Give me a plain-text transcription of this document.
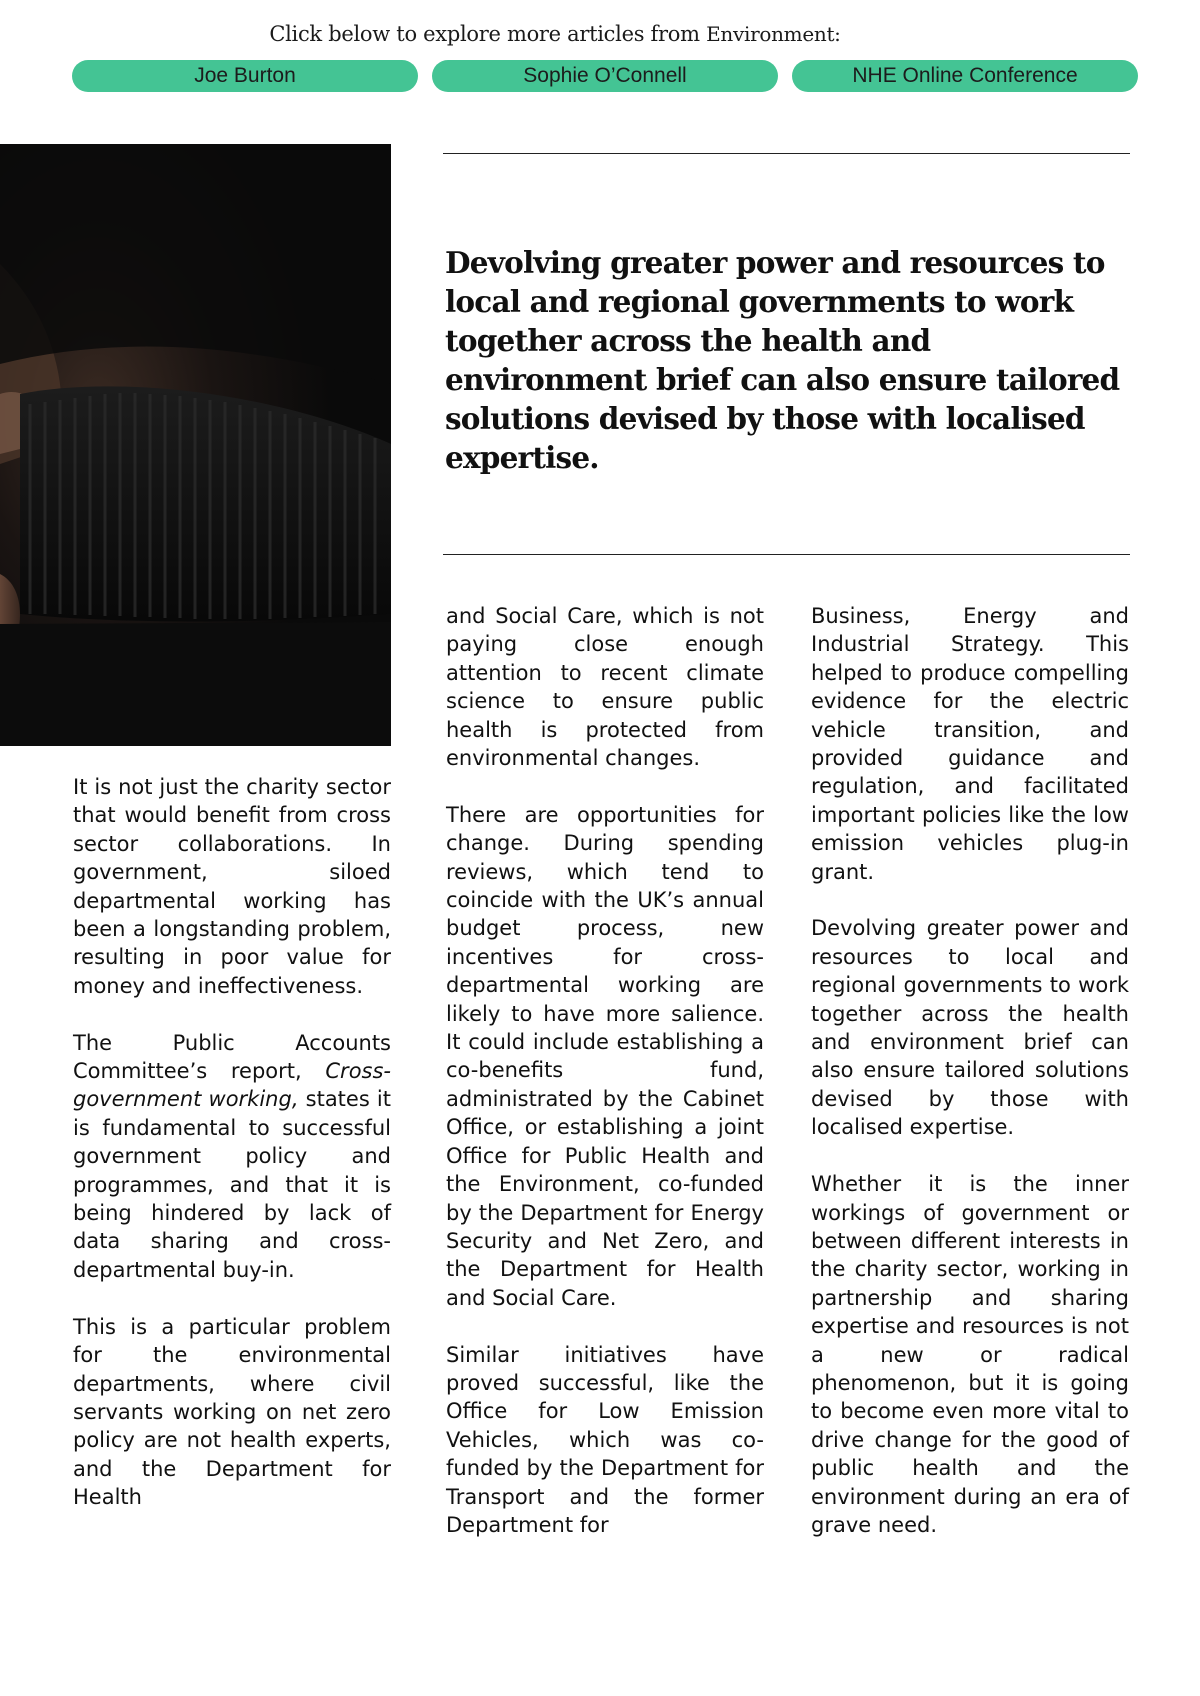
Click below to explore more articles from Environment:
Joe Burton	Sophie O’Connell	NHE Online Conference

Devolving greater power and resources to local and regional governments to work together across the health and environment brief can also ensure tailored solutions devised by those with localised expertise.

It is not just the charity sector that would benefit from cross sector collaborations. In government, siloed departmental working has been a longstanding problem, resulting in poor value for money and ineffectiveness.

The Public Accounts Committee’s report, Cross-government working, states it is fundamental to successful government policy and programmes, and that it is being hindered by lack of data sharing and cross-departmental buy-in.

This is a particular problem for the environmental departments, where civil servants working on net zero policy are not health experts, and the Department for Health

and Social Care, which is not paying close enough attention to recent climate science to ensure public health is protected from environmental changes.

There are opportunities for change. During spending reviews, which tend to coincide with the UK’s annual budget process, new incentives for cross-departmental working are likely to have more salience. It could include establishing a co-benefits fund, administrated by the Cabinet Office, or establishing a joint Office for Public Health and the Environment, co-funded by the Department for Energy Security and Net Zero, and the Department for Health and Social Care.

Similar initiatives have proved successful, like the Office for Low Emission Vehicles, which was co-funded by the Department for Transport and the former Department for

Business, Energy and Industrial Strategy. This helped to produce compelling evidence for the electric vehicle transition, and provided guidance and regulation, and facilitated important policies like the low emission vehicles plug-in grant.

Devolving greater power and resources to local and regional governments to work together across the health and environment brief can also ensure tailored solutions devised by those with localised expertise.

Whether it is the inner workings of government or between different interests in the charity sector, working in partnership and sharing expertise and resources is not a new or radical phenomenon, but it is going to become even more vital to drive change for the good of public health and the environment during an era of grave need.
